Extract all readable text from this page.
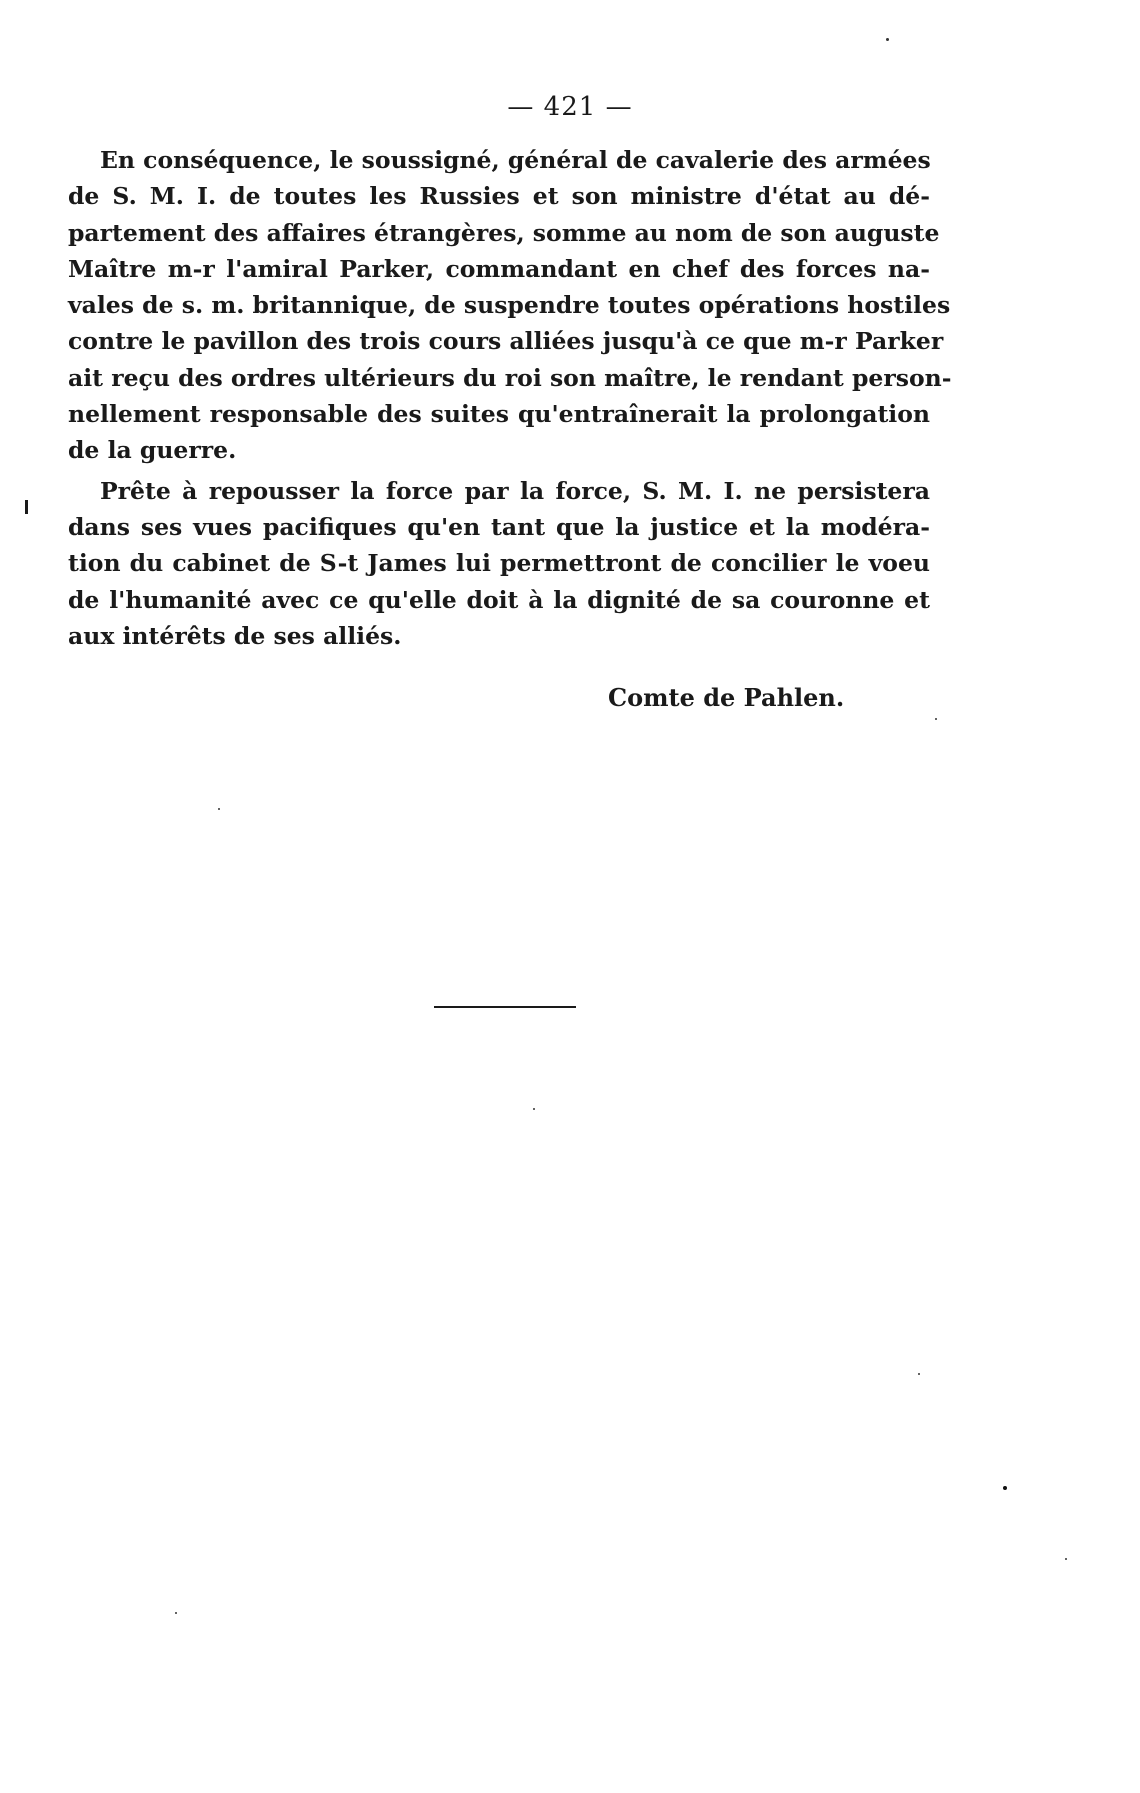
— 421 —
En conséquence, le soussigné, général de cavalerie des armées
de S. M. I. de toutes les Russies et son ministre d'état au dé-
partement des affaires étrangères, somme au nom de son auguste
Maître m-r l'amiral Parker, commandant en chef des forces na-
vales de s. m. britannique, de suspendre toutes opérations hostiles
contre le pavillon des trois cours alliées jusqu'à ce que m-r Parker
ait reçu des ordres ultérieurs du roi son maître, le rendant person-
nellement responsable des suites qu'entraînerait la prolongation
de la guerre.
Prête à repousser la force par la force, S. M. I. ne persistera
dans ses vues pacifiques qu'en tant que la justice et la modéra-
tion du cabinet de S-t James lui permettront de concilier le voeu
de l'humanité avec ce qu'elle doit à la dignité de sa couronne et
aux intérêts de ses alliés.
Comte de Pahlen.
